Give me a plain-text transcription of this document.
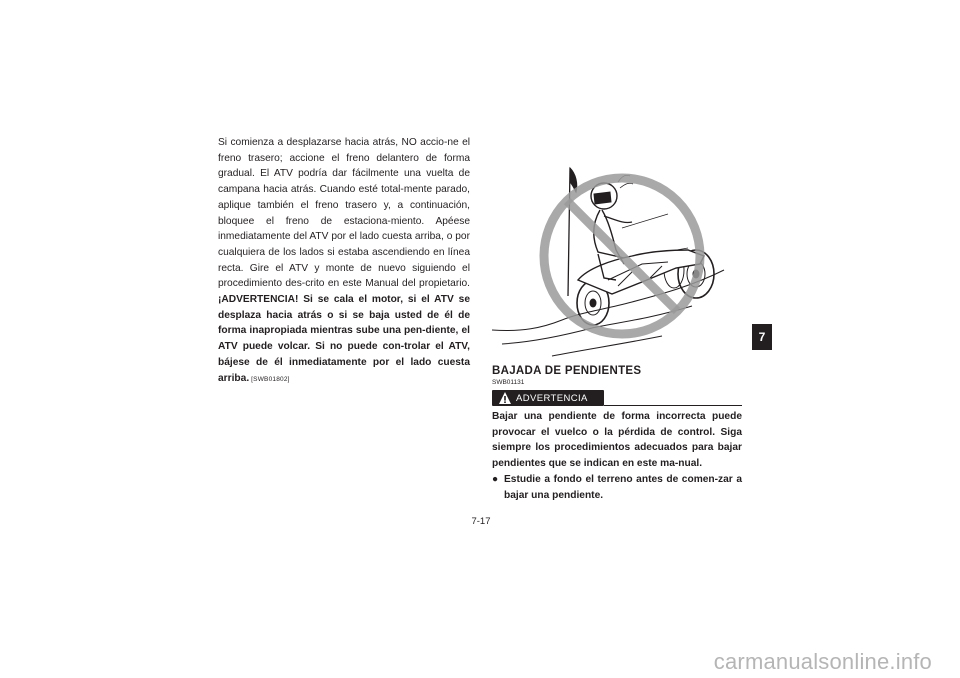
Si comienza a desplazarse hacia atrás, NO accio-ne el freno trasero; accione el freno delantero de forma gradual. El ATV podría dar fácilmente una vuelta de campana hacia atrás. Cuando esté total-mente parado, aplique también el freno trasero y, a continuación, bloquee el freno de estaciona-miento. Apéese inmediatamente del ATV por el lado cuesta arriba, o por cualquiera de los lados si estaba ascendiendo en línea recta. Gire el ATV y monte de nuevo siguiendo el procedimiento des-crito en este Manual del propietario. ¡ADVERTENCIA! Si se cala el motor, si el ATV se desplaza hacia atrás o si se baja usted de él de forma inapropiada mientras sube una pen-diente, el ATV puede volcar. Si no puede con-trolar el ATV, bájese de él inmediatamente por el lado cuesta arriba. [SWB01802]
BAJADA DE PENDIENTES
SWB01131
ADVERTENCIA
Bajar una pendiente de forma incorrecta puede provocar el vuelco o la pérdida de control. Siga siempre los procedimientos adecuados para bajar pendientes que se indican en este ma-nual.
● Estudie a fondo el terreno antes de comen-zar a bajar una pendiente.
7
7-17
carmanualsonline.info
